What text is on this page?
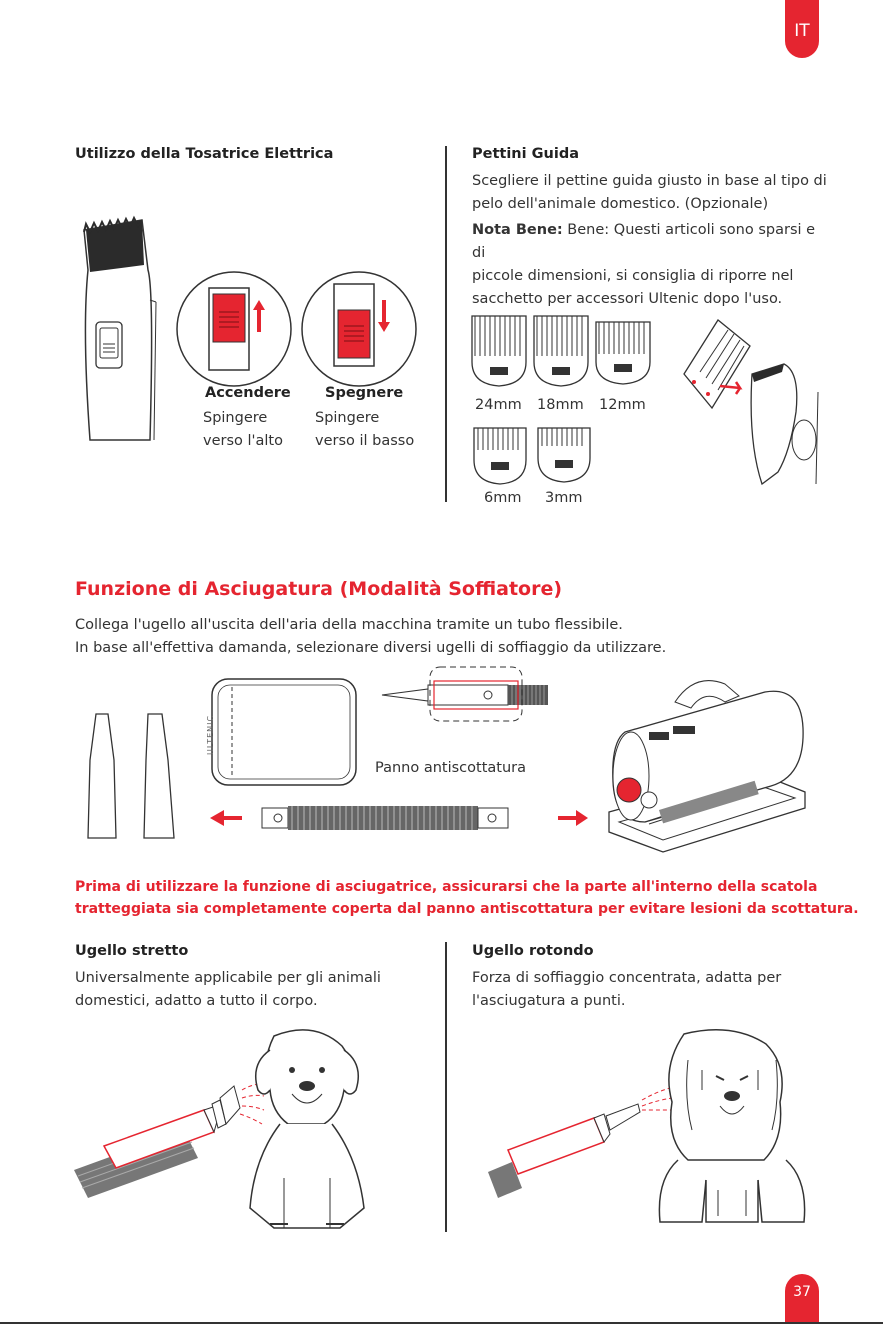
IT
Utilizzo della Tosatrice Elettrica
Accendere
Spingere
verso l'alto
Spegnere
Spingere
verso il basso
Pettini Guida
Scegliere il pettine guida giusto in base al tipo di
pelo dell'animale domestico. (Opzionale)
Nota Bene: Bene: Questi articoli sono sparsi e di
piccole dimensioni, si consiglia di riporre nel
sacchetto per accessori Ultenic dopo l'uso.
24mm 18mm 12mm
6mm 3mm
Funzione di Asciugatura (Modalità Soffiatore)
Collega l'ugello all'uscita dell'aria della macchina tramite un tubo flessibile.
In base all'effettiva damanda, selezionare diversi ugelli di soffiaggio da utilizzare.
ULTENIC
Panno antiscottatura
Prima di utilizzare la funzione di asciugatrice, assicurarsi che la parte all'interno della scatola
tratteggiata sia completamente coperta dal panno antiscottatura per evitare lesioni da scottatura.
Ugello stretto
Universalmente applicabile per gli animali
domestici, adatto a tutto il corpo.
Ugello rotondo
Forza di soffiaggio concentrata, adatta per
l'asciugatura a punti.
37
